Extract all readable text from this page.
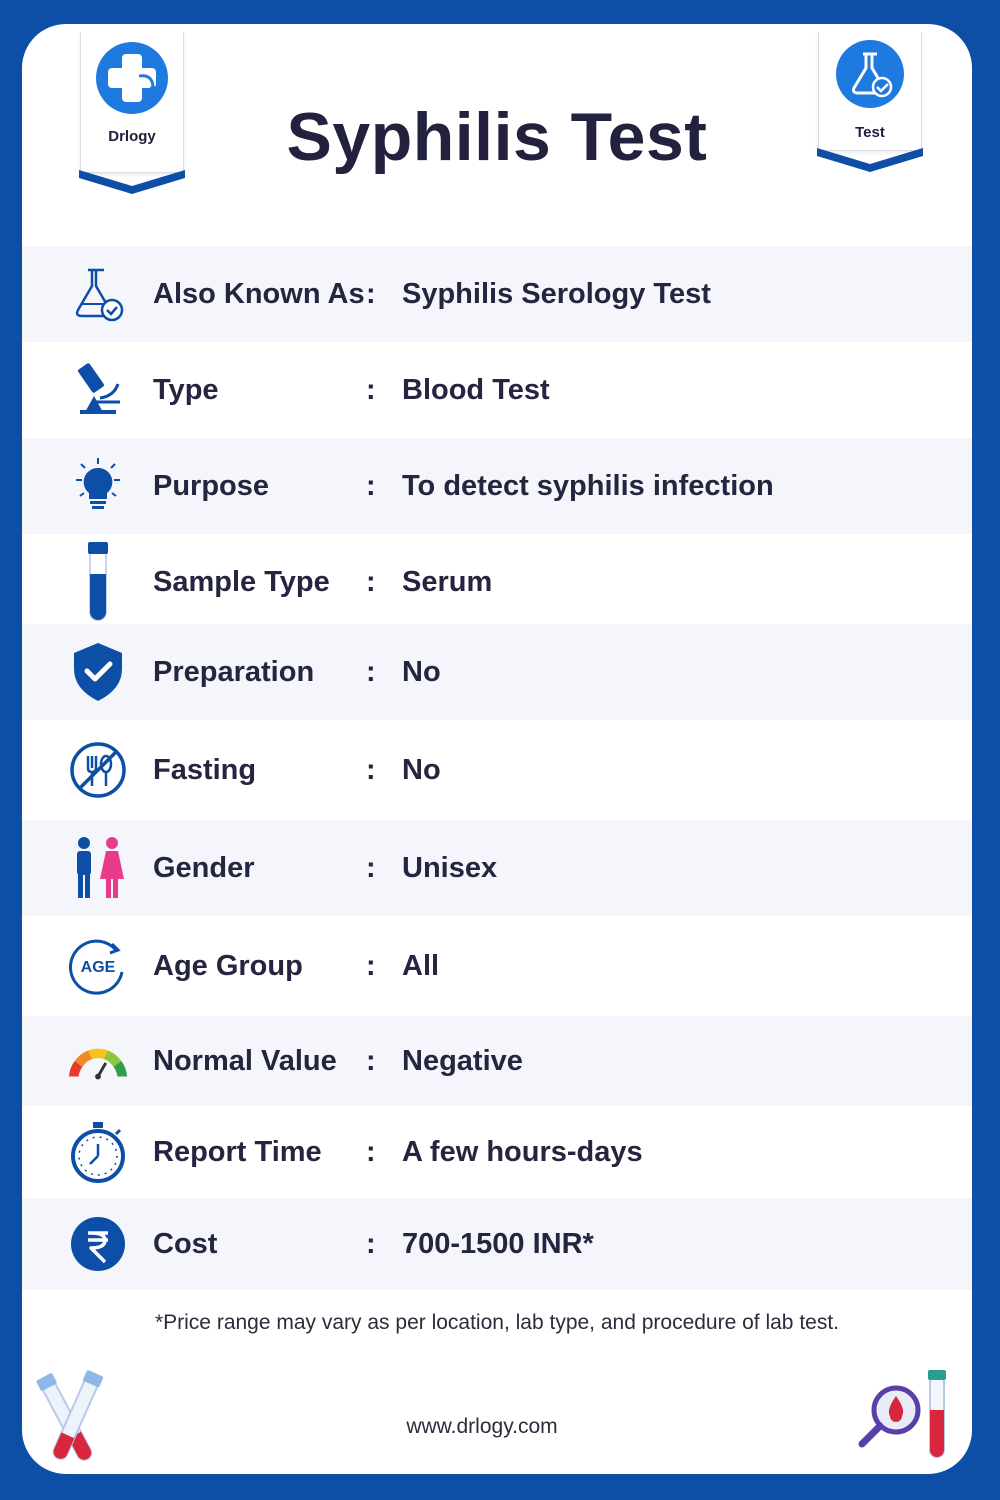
Drlogy	Test
Syphilis Test
Also Known As : Syphilis Serology Test
Type	: Blood Test
Purpose	: To detect syphilis infection
Sample Type : Serum
Preparation : No
Fasting	: No
Gender	: Unisex
AGE Age Group : All
Normal Value : Negative
Report Time : A few hours-days
Cost	: 700-1500 INR*
*Price range may vary as per location, lab type, and procedure of lab test.
www.drlogy.com
